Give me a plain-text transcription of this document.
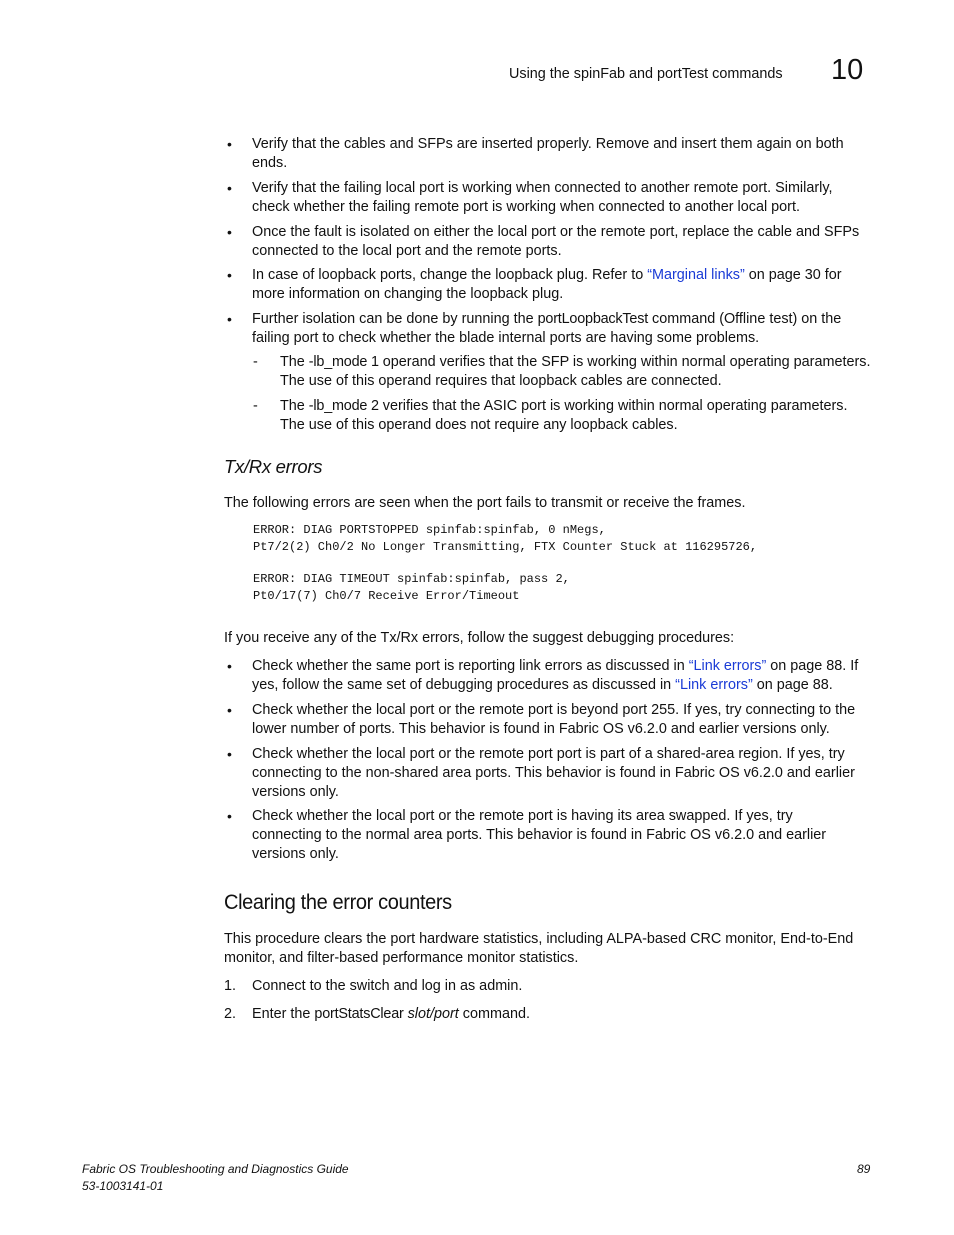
Using the spinFab and portTest commands 10
• Verify that the cables and SFPs are inserted properly. Remove and insert them again on both ends.
• Verify that the failing local port is working when connected to another remote port. Similarly, check whether the failing remote port is working when connected to another local port.
• Once the fault is isolated on either the local port or the remote port, replace the cable and SFPs connected to the local port and the remote ports.
• In case of loopback ports, change the loopback plug. Refer to “Marginal links” on page 30 for more information on changing the loopback plug.
• Further isolation can be done by running the portLoopbackTest command (Offline test) on the failing port to check whether the blade internal ports are having some problems.
- The -lb_mode 1 operand verifies that the SFP is working within normal operating parameters. The use of this operand requires that loopback cables are connected.
- The -lb_mode 2 verifies that the ASIC port is working within normal operating parameters. The use of this operand does not require any loopback cables.
Tx/Rx errors
The following errors are seen when the port fails to transmit or receive the frames.
ERROR: DIAG PORTSTOPPED spinfab:spinfab, 0 nMegs,
Pt7/2(2) Ch0/2 No Longer Transmitting, FTX Counter Stuck at 116295726,
ERROR: DIAG TIMEOUT spinfab:spinfab, pass 2,
Pt0/17(7) Ch0/7 Receive Error/Timeout
If you receive any of the Tx/Rx errors, follow the suggest debugging procedures:
• Check whether the same port is reporting link errors as discussed in “Link errors” on page 88. If yes, follow the same set of debugging procedures as discussed in “Link errors” on page 88.
• Check whether the local port or the remote port is beyond port 255. If yes, try connecting to the lower number of ports. This behavior is found in Fabric OS v6.2.0 and earlier versions only.
• Check whether the local port or the remote port port is part of a shared-area region. If yes, try connecting to the non-shared area ports. This behavior is found in Fabric OS v6.2.0 and earlier versions only.
• Check whether the local port or the remote port is having its area swapped. If yes, try connecting to the normal area ports. This behavior is found in Fabric OS v6.2.0 and earlier versions only.
Clearing the error counters
This procedure clears the port hardware statistics, including ALPA-based CRC monitor, End-to-End monitor, and filter-based performance monitor statistics.
1. Connect to the switch and log in as admin.
2. Enter the portStatsClear slot/port command.
Fabric OS Troubleshooting and Diagnostics Guide
53-1003141-01
89
